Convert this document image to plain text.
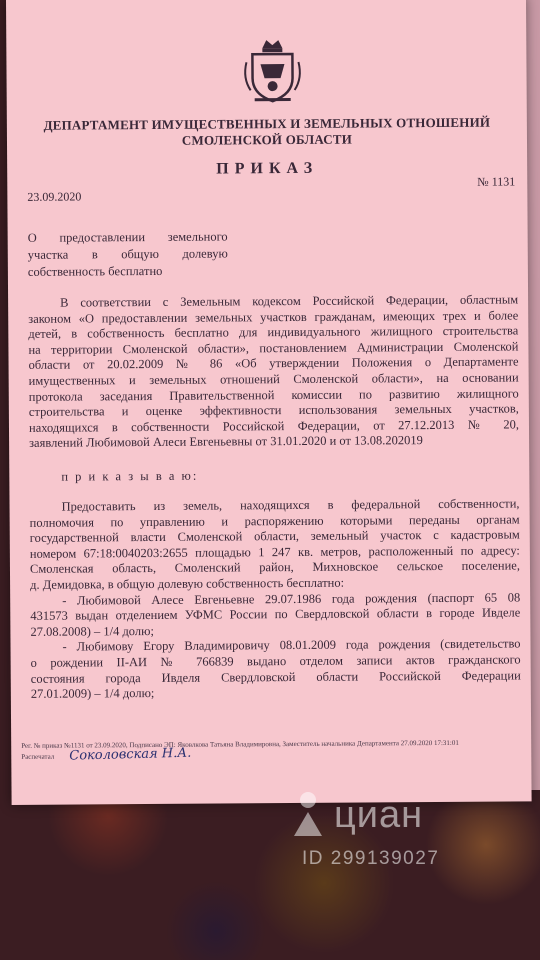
ДЕПАРТАМЕНТ ИМУЩЕСТВЕННЫХ И ЗЕМЕЛЬНЫХ ОТНОШЕНИЙ
СМОЛЕНСКОЙ ОБЛАСТИ
ПРИКАЗ
23.09.2020
№ 1131
О предоставлении земельного
участка в общую долевую
собственность бесплатно
В соответствии с Земельным кодексом Российской Федерации, областным
законом «О предоставлении земельных участков гражданам, имеющих трех и более
детей, в собственность бесплатно для индивидуального жилищного строительства
на территории Смоленской области», постановлением Администрации Смоленской
области от 20.02.2009 № 86 «Об утверждении Положения о Департаменте
имущественных и земельных отношений Смоленской области», на основании
протокола заседания Правительственной комиссии по развитию жилищного
строительства и оценке эффективности использования земельных участков,
находящихся в собственности Российской Федерации, от 27.12.2013 № 20,
заявлений Любимовой Алеси Евгеньевны от 31.01.2020 и от 13.08.202019
п р и к а з ы в а ю:
Предоставить из земель, находящихся в федеральной собственности,
полномочия по управлению и распоряжению которыми переданы органам
государственной власти Смоленской области, земельный участок с кадастровым
номером 67:18:0040203:2655 площадью 1 247 кв. метров, расположенный по адресу:
Смоленская область, Смоленский район, Михновское сельское поселение,
д. Демидовка, в общую долевую собственность бесплатно:
- Любимовой Алесе Евгеньевне 29.07.1986 года рождения (паспорт 65 08
431573 выдан отделением УФМС России по Свердловской области в городе Ивделе
27.08.2008) – 1/4 долю;
- Любимову Егору Владимировичу 08.01.2009 года рождения (свидетельство
о рождении II-АИ № 766839 выдано отделом записи актов гражданского
состояния города Ивделя Свердловской области Российской Федерации
27.01.2009) – 1/4 долю;
Рег. № приказ №1131 от 23.09.2020, Подписано ЭП: Яковлкова Татьяна Владимировна, Заместитель начальника Департамента 27.09.2020 17:31:01
Распечатал Соколовская Н.А.
циан
ID 299139027
